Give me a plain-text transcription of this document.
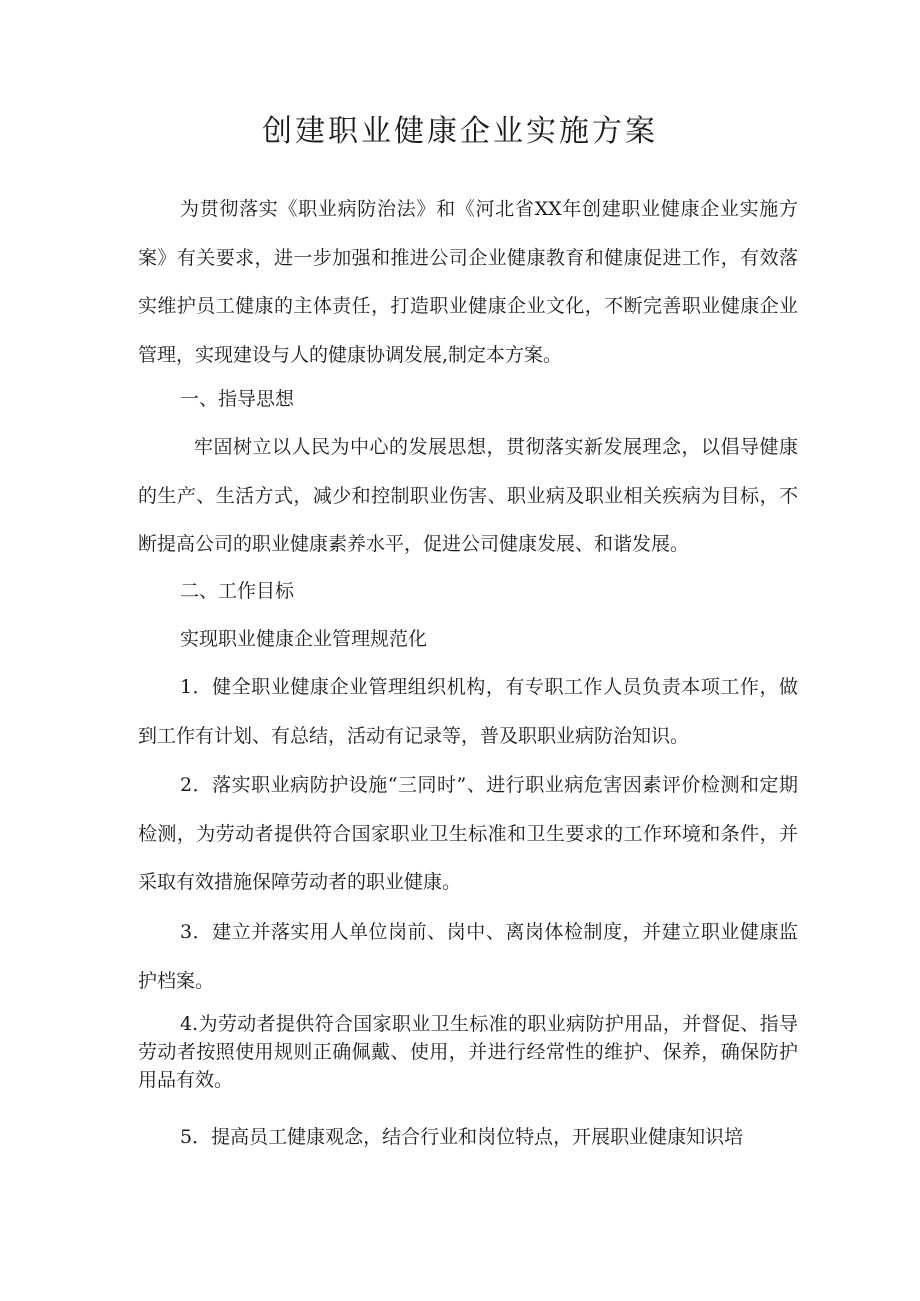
创建职业健康企业实施方案

为贯彻落实《职业病防治法》和《河北省XX年创建职业健康企业实施方案》有关要求，进一步加强和推进公司企业健康教育和健康促进工作，有效落实维护员工健康的主体责任，打造职业健康企业文化，不断完善职业健康企业管理，实现建设与人的健康协调发展,制定本方案。

一、指导思想

牢固树立以人民为中心的发展思想，贯彻落实新发展理念，以倡导健康的生产、生活方式，减少和控制职业伤害、职业病及职业相关疾病为目标，不断提高公司的职业健康素养水平，促进公司健康发展、和谐发展。

二、工作目标

实现职业健康企业管理规范化

1．健全职业健康企业管理组织机构，有专职工作人员负责本项工作，做到工作有计划、有总结，活动有记录等，普及职职业病防治知识。

2．落实职业病防护设施“三同时”、进行职业病危害因素评价检测和定期检测，为劳动者提供符合国家职业卫生标准和卫生要求的工作环境和条件，并采取有效措施保障劳动者的职业健康。

3．建立并落实用人单位岗前、岗中、离岗体检制度，并建立职业健康监护档案。

4.为劳动者提供符合国家职业卫生标准的职业病防护用品，并督促、指导劳动者按照使用规则正确佩戴、使用，并进行经常性的维护、保养，确保防护用品有效。

5．提高员工健康观念，结合行业和岗位特点，开展职业健康知识培
